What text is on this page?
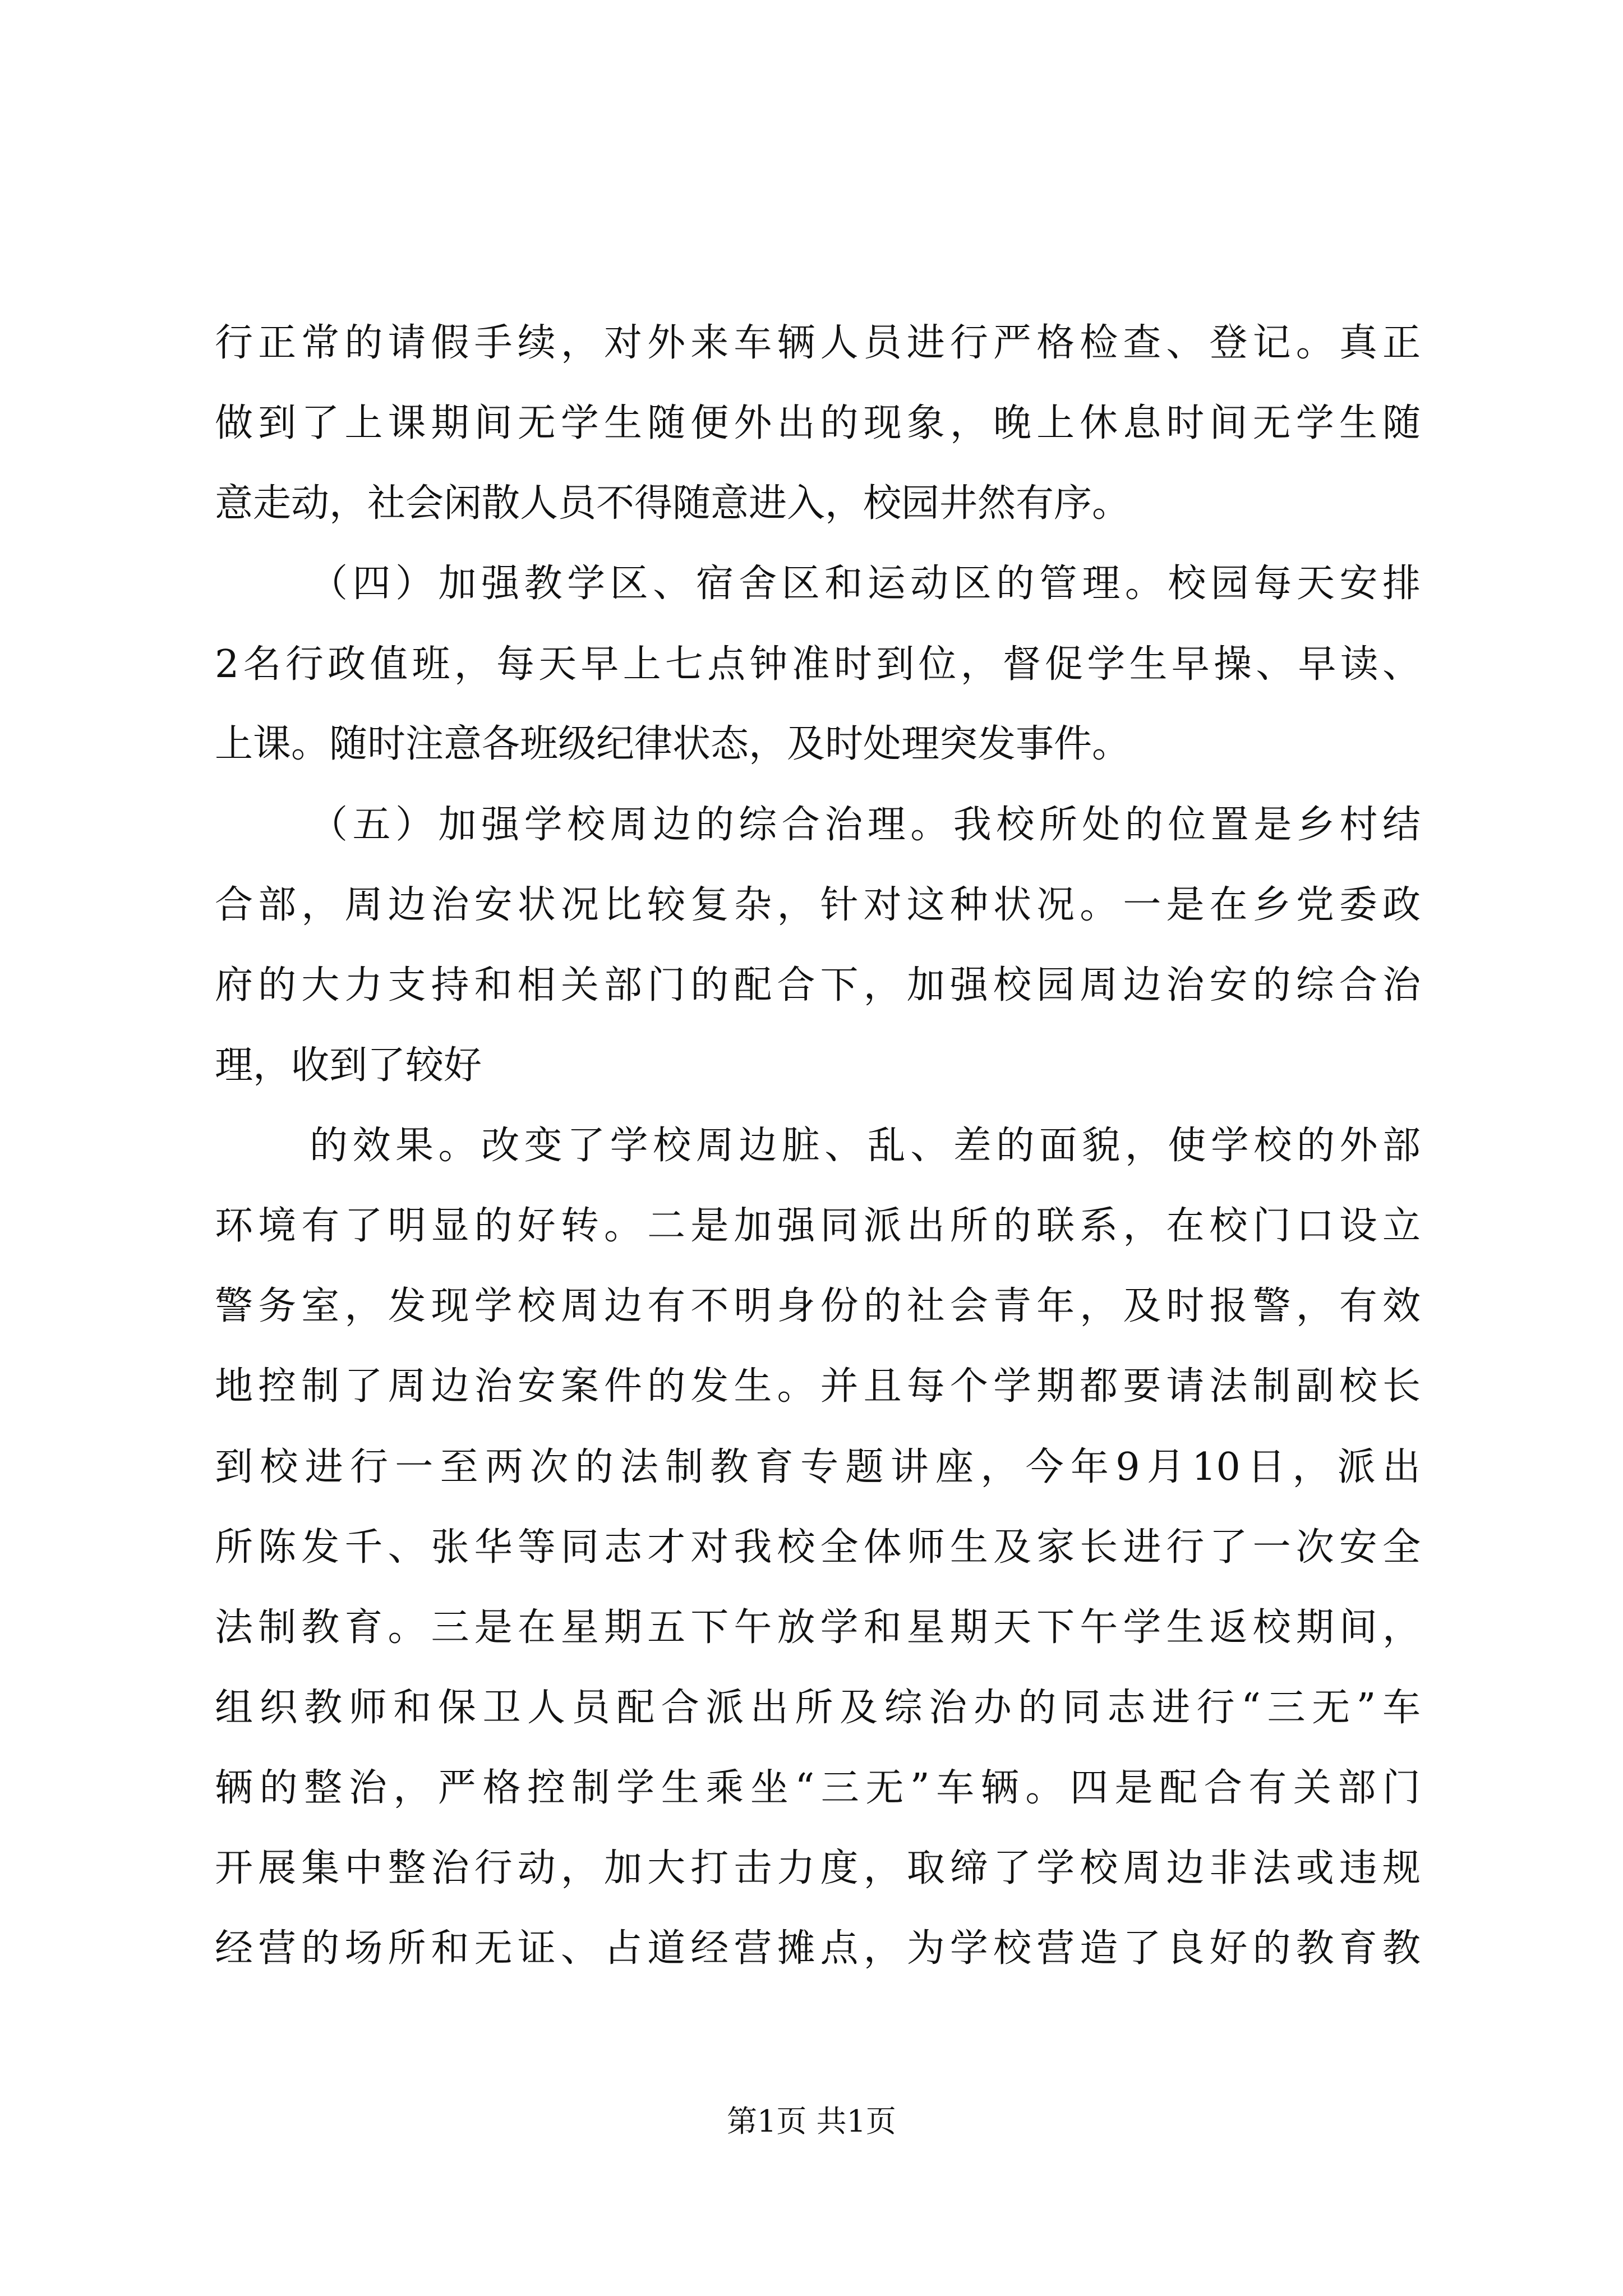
行正常的请假手续，对外来车辆人员进行严格检查、登记。真正
做到了上课期间无学生随便外出的现象，晚上休息时间无学生随
意走动，社会闲散人员不得随意进入，校园井然有序。
（四）加强教学区、宿舍区和运动区的管理。校园每天安排
2名行政值班，每天早上七点钟准时到位，督促学生早操、早读、
上课。随时注意各班级纪律状态，及时处理突发事件。
（五）加强学校周边的综合治理。我校所处的位置是乡村结
合部，周边治安状况比较复杂，针对这种状况。一是在乡党委政
府的大力支持和相关部门的配合下，加强校园周边治安的综合治
理，收到了较好
的效果。改变了学校周边脏、乱、差的面貌，使学校的外部
环境有了明显的好转。二是加强同派出所的联系，在校门口设立
警务室，发现学校周边有不明身份的社会青年，及时报警，有效
地控制了周边治安案件的发生。并且每个学期都要请法制副校长
到校进行一至两次的法制教育专题讲座，今年9月10日，派出
所陈发千、张华等同志才对我校全体师生及家长进行了一次安全
法制教育。三是在星期五下午放学和星期天下午学生返校期间，
组织教师和保卫人员配合派出所及综治办的同志进行“三无”车
辆的整治，严格控制学生乘坐“三无”车辆。四是配合有关部门
开展集中整治行动，加大打击力度，取缔了学校周边非法或违规
经营的场所和无证、占道经营摊点，为学校营造了良好的教育教
第1页 共1页
